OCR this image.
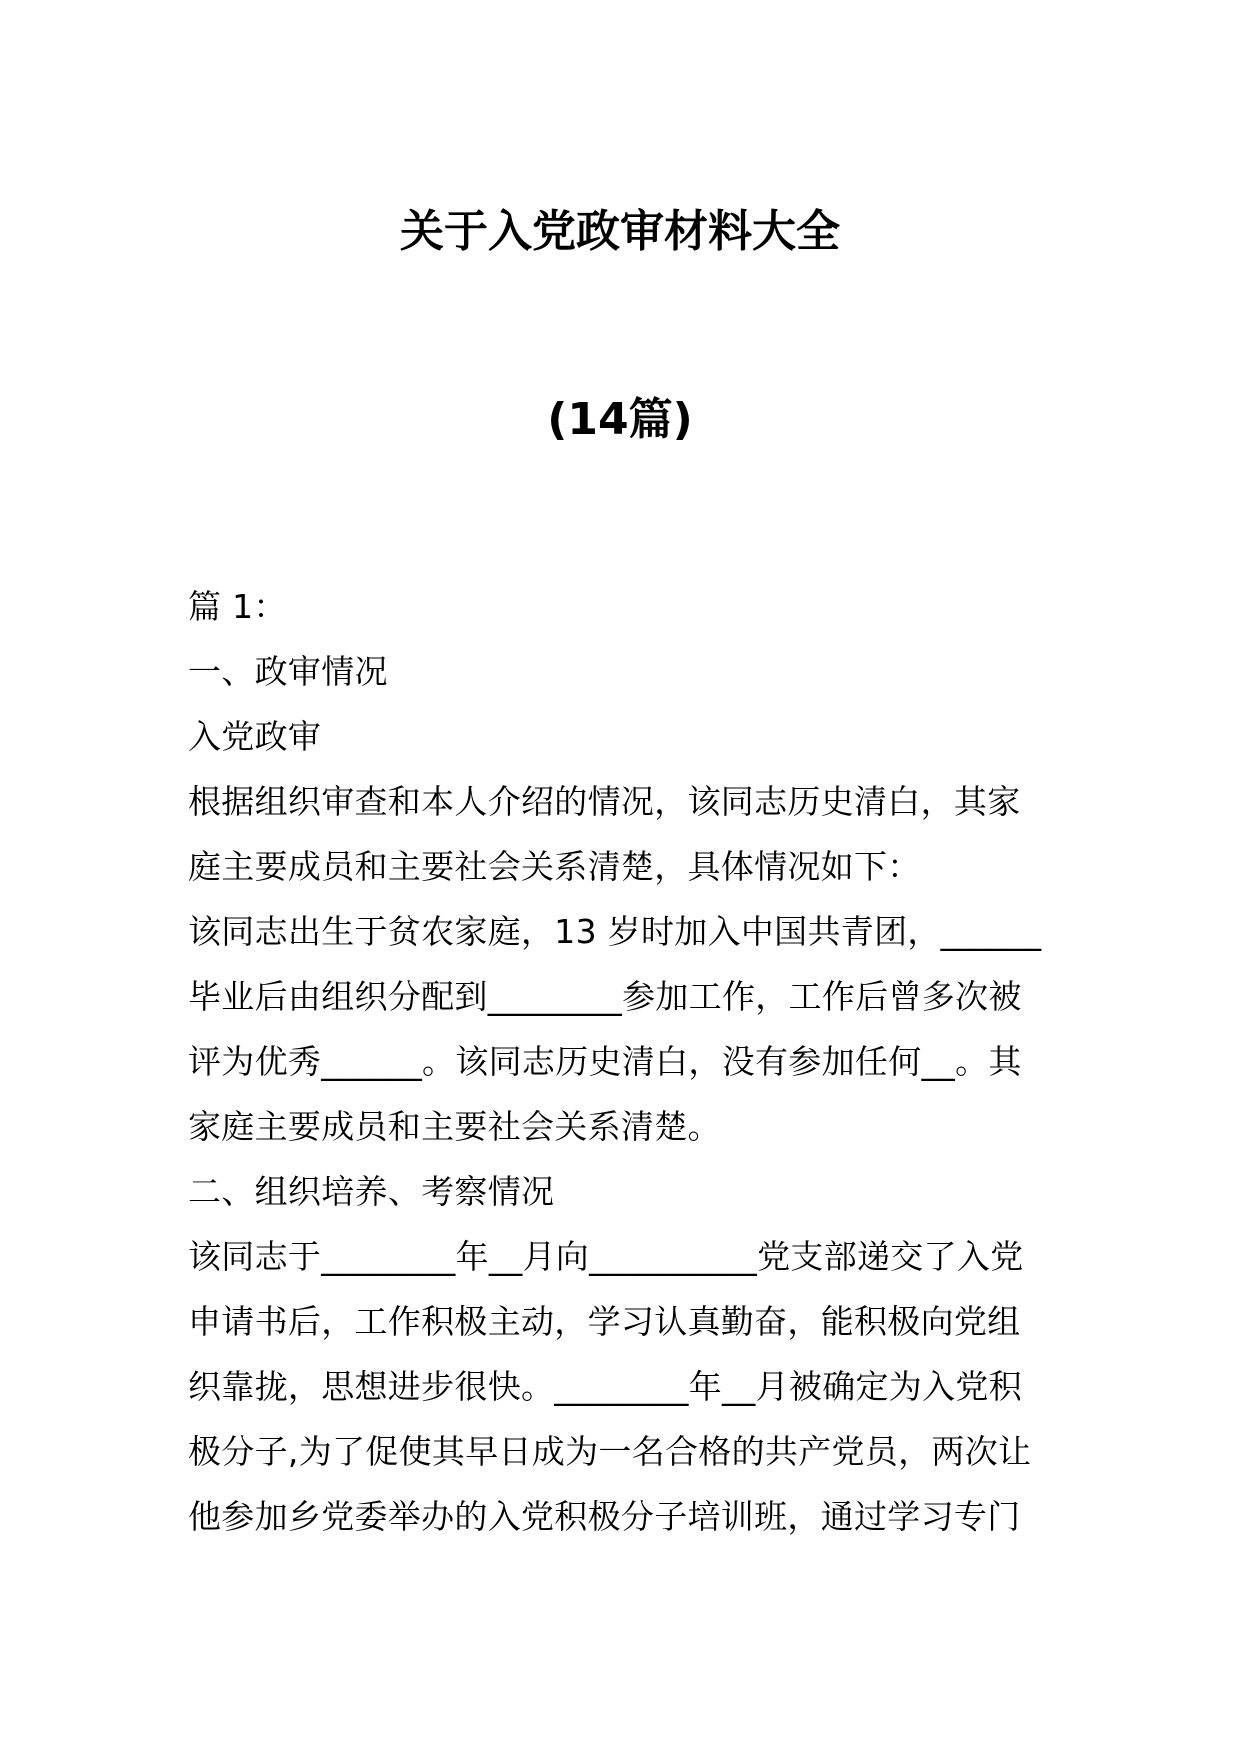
关于入党政审材料大全
(14篇)
篇 1：
一、政审情况
入党政审
根据组织审查和本人介绍的情况，该同志历史清白，其家
庭主要成员和主要社会关系清楚，具体情况如下：
该同志出生于贫农家庭，13 岁时加入中国共青团，______
毕业后由组织分配到________参加工作，工作后曾多次被
评为优秀______。该同志历史清白，没有参加任何__。其
家庭主要成员和主要社会关系清楚。
二、组织培养、考察情况
该同志于________年__月向__________党支部递交了入党
申请书后，工作积极主动，学习认真勤奋，能积极向党组
织靠拢，思想进步很快。________年__月被确定为入党积
极分子,为了促使其早日成为一名合格的共产党员，两次让
他参加乡党委举办的入党积极分子培训班，通过学习专门
